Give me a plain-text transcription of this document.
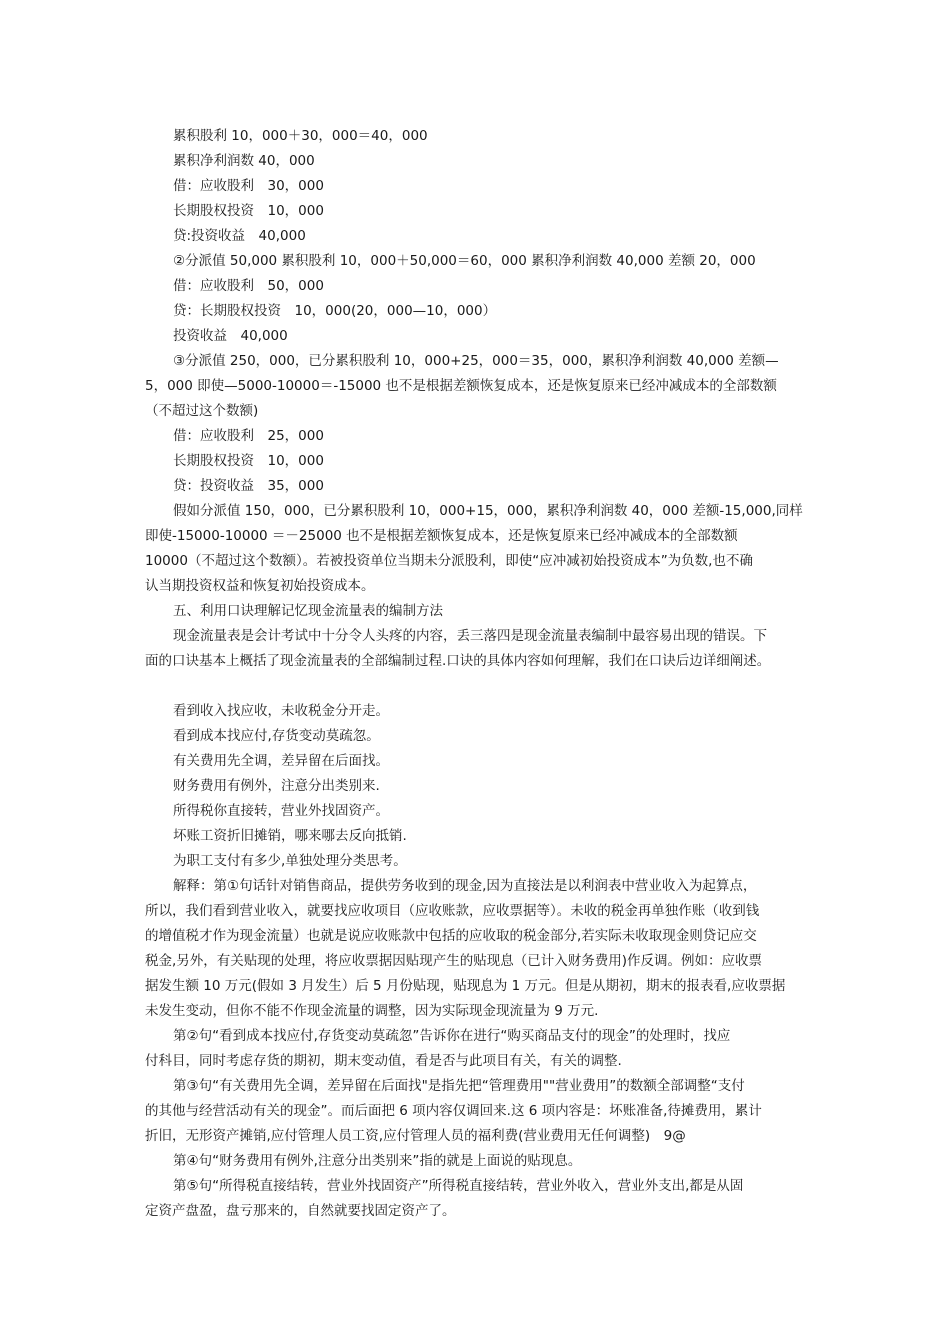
累积股利 10，000＋30，000＝40，000
累积净利润数 40，000
借：应收股利　30，000
长期股权投资　10，000
贷:投资收益　40,000
②分派值 50,000 累积股利 10，000＋50,000＝60，000 累积净利润数 40,000 差额 20，000
借：应收股利　50，000
贷：长期股权投资　10，000(20，000—10，000）
投资收益　40,000
③分派值 250，000，已分累积股利 10，000+25，000＝35，000，累积净利润数 40,000 差额—
5，000 即使—5000-10000＝-15000 也不是根据差额恢复成本，还是恢复原来已经冲减成本的全部数额
（不超过这个数额)
借：应收股利　25，000
长期股权投资　10，000
贷：投资收益　35，000
假如分派值 150，000，已分累积股利 10，000+15，000，累积净利润数 40，000 差额-15,000,同样
即使-15000-10000 ＝－25000 也不是根据差额恢复成本，还是恢复原来已经冲减成本的全部数额
10000（不超过这个数额）。若被投资单位当期未分派股利，即使“应冲减初始投资成本”为负数,也不确
认当期投资权益和恢复初始投资成本。
五、利用口诀理解记忆现金流量表的编制方法
现金流量表是会计考试中十分令人头疼的内容，丢三落四是现金流量表编制中最容易出现的错误。下
面的口诀基本上概括了现金流量表的全部编制过程.口诀的具体内容如何理解，我们在口诀后边详细阐述。
看到收入找应收，未收税金分开走。
看到成本找应付,存货变动莫疏忽。
有关费用先全调，差异留在后面找。
财务费用有例外，注意分出类别来.
所得税你直接转，营业外找固资产。
坏账工资折旧摊销，哪来哪去反向抵销.
为职工支付有多少,单独处理分类思考。
解释：第①句话针对销售商品，提供劳务收到的现金,因为直接法是以利润表中营业收入为起算点，
所以，我们看到营业收入，就要找应收项目（应收账款，应收票据等）。未收的税金再单独作账（收到钱
的增值税才作为现金流量）也就是说应收账款中包括的应收取的税金部分,若实际未收取现金则贷记应交
税金,另外，有关贴现的处理，将应收票据因贴现产生的贴现息（已计入财务费用)作反调。例如：应收票
据发生额 10 万元(假如 3 月发生）后 5 月份贴现，贴现息为 1 万元。但是从期初，期末的报表看,应收票据
未发生变动，但你不能不作现金流量的调整，因为实际现金现流量为 9 万元.
第②句“看到成本找应付,存货变动莫疏忽”告诉你在进行“购买商品支付的现金”的处理时，找应
付科目，同时考虑存货的期初，期末变动值，看是否与此项目有关，有关的调整.
第③句“有关费用先全调，差异留在后面找"是指先把“管理费用""营业费用”的数额全部调整“支付
的其他与经营活动有关的现金”。而后面把 6 项内容仅调回来.这 6 项内容是：坏账准备,待摊费用，累计
折旧，无形资产摊销,应付管理人员工资,应付管理人员的福利费(营业费用无任何调整)　9@
第④句“财务费用有例外,注意分出类别来”指的就是上面说的贴现息。
第⑤句“所得税直接结转，营业外找固资产”所得税直接结转，营业外收入，营业外支出,都是从固
定资产盘盈，盘亏那来的，自然就要找固定资产了。
